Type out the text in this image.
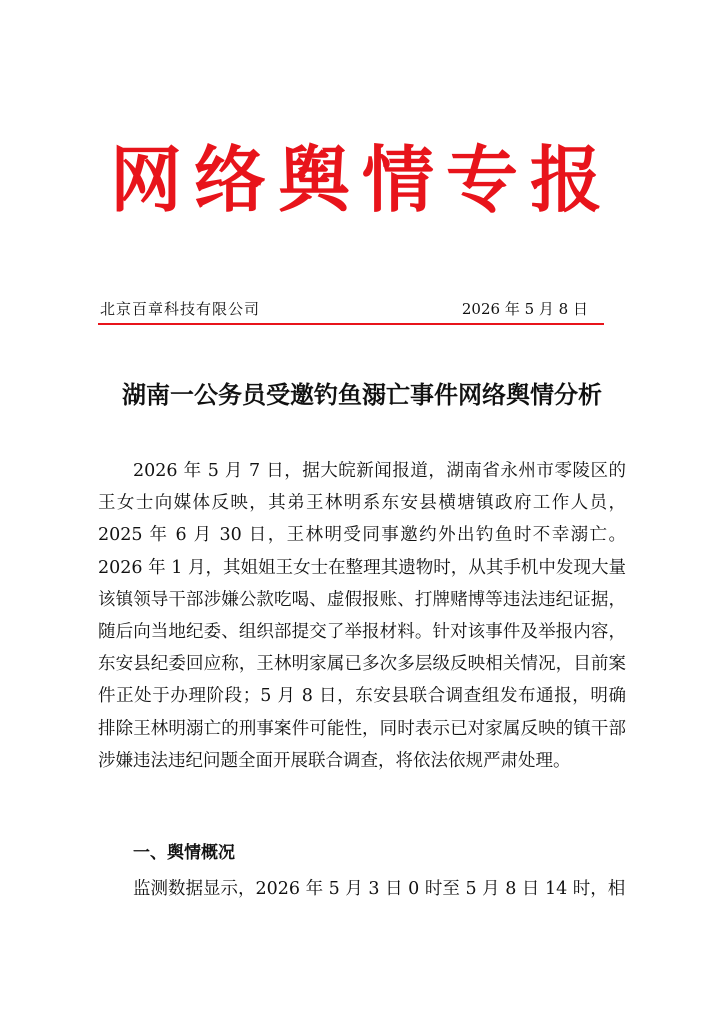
网络舆情专报
北京百章科技有限公司	2026 年 5 月 8 日
湖南一公务员受邀钓鱼溺亡事件网络舆情分析

2026 年 5 月 7 日，据大皖新闻报道，湖南省永州市零陵区的王女士向媒体反映，其弟王林明系东安县横塘镇政府工作人员，2025 年 6 月 30 日，王林明受同事邀约外出钓鱼时不幸溺亡。2026 年 1 月，其姐姐王女士在整理其遗物时，从其手机中发现大量该镇领导干部涉嫌公款吃喝、虚假报账、打牌赌博等违法违纪证据，随后向当地纪委、组织部提交了举报材料。针对该事件及举报内容，东安县纪委回应称，王林明家属已多次多层级反映相关情况，目前案件正处于办理阶段；5 月 8 日，东安县联合调查组发布通报，明确排除王林明溺亡的刑事案件可能性，同时表示已对家属反映的镇干部涉嫌违法违纪问题全面开展联合调查，将依法依规严肃处理。

一、舆情概况

监测数据显示，2026 年 5 月 3 日 0 时至 5 月 8 日 14 时，相
